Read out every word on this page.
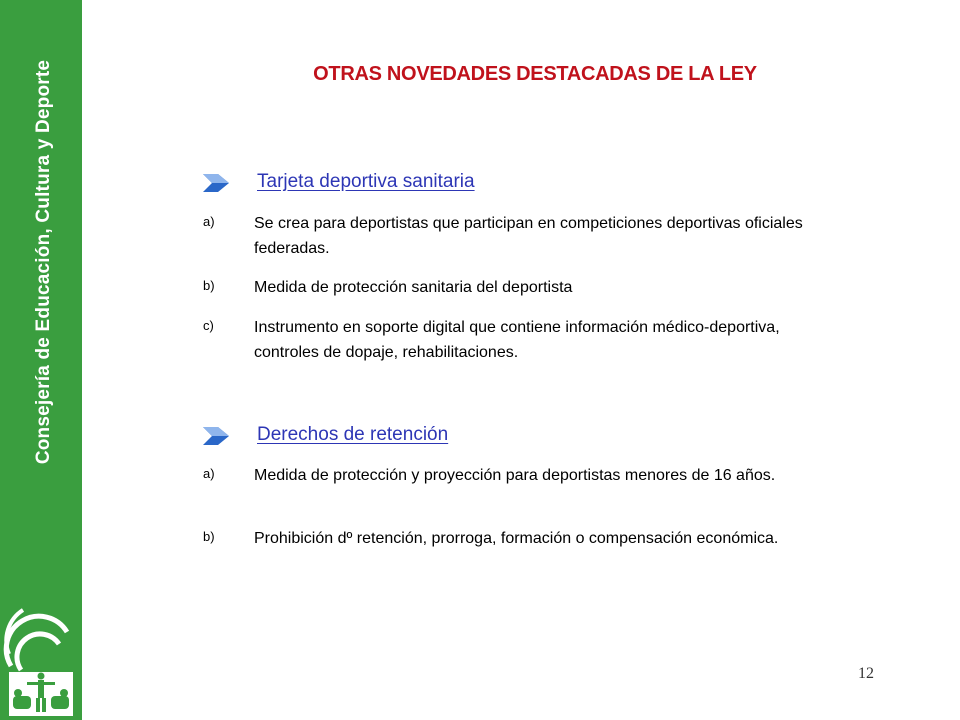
Consejería de Educación, Cultura y Deporte	OTRAS NOVEDADES DESTACADAS DE LA LEY
Tarjeta deportiva sanitaria
a) Se crea para deportistas que participan en competiciones deportivas oficiales federadas.
b) Medida de protección sanitaria del deportista
c)	Instrumento en soporte digital que contiene información médico-deportiva, controles de dopaje, rehabilitaciones.
Derechos de retención
a) Medida de protección y proyección para deportistas menores de 16 años.
b) Prohibición dº retención, prorroga, formación o compensación económica.
12
